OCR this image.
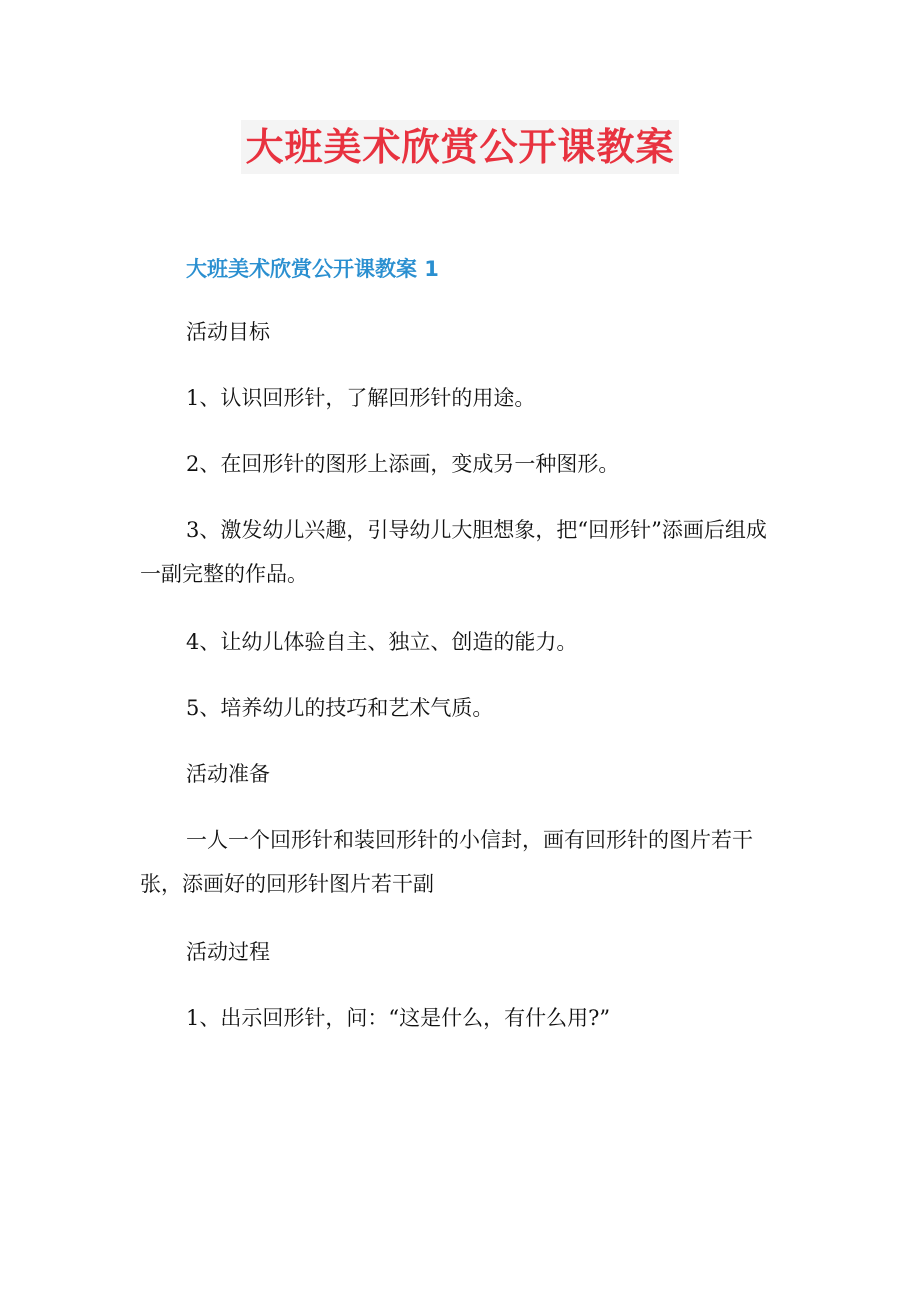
大班美术欣赏公开课教案
大班美术欣赏公开课教案 1

活动目标

1、认识回形针，了解回形针的用途。

2、在回形针的图形上添画，变成另一种图形。

3、激发幼儿兴趣，引导幼儿大胆想象，把“回形针”添画后组成一副完整的作品。

4、让幼儿体验自主、独立、创造的能力。

5、培养幼儿的技巧和艺术气质。

活动准备

一人一个回形针和装回形针的小信封，画有回形针的图片若干张，添画好的回形针图片若干副

活动过程

1、出示回形针，问：“这是什么，有什么用?”
